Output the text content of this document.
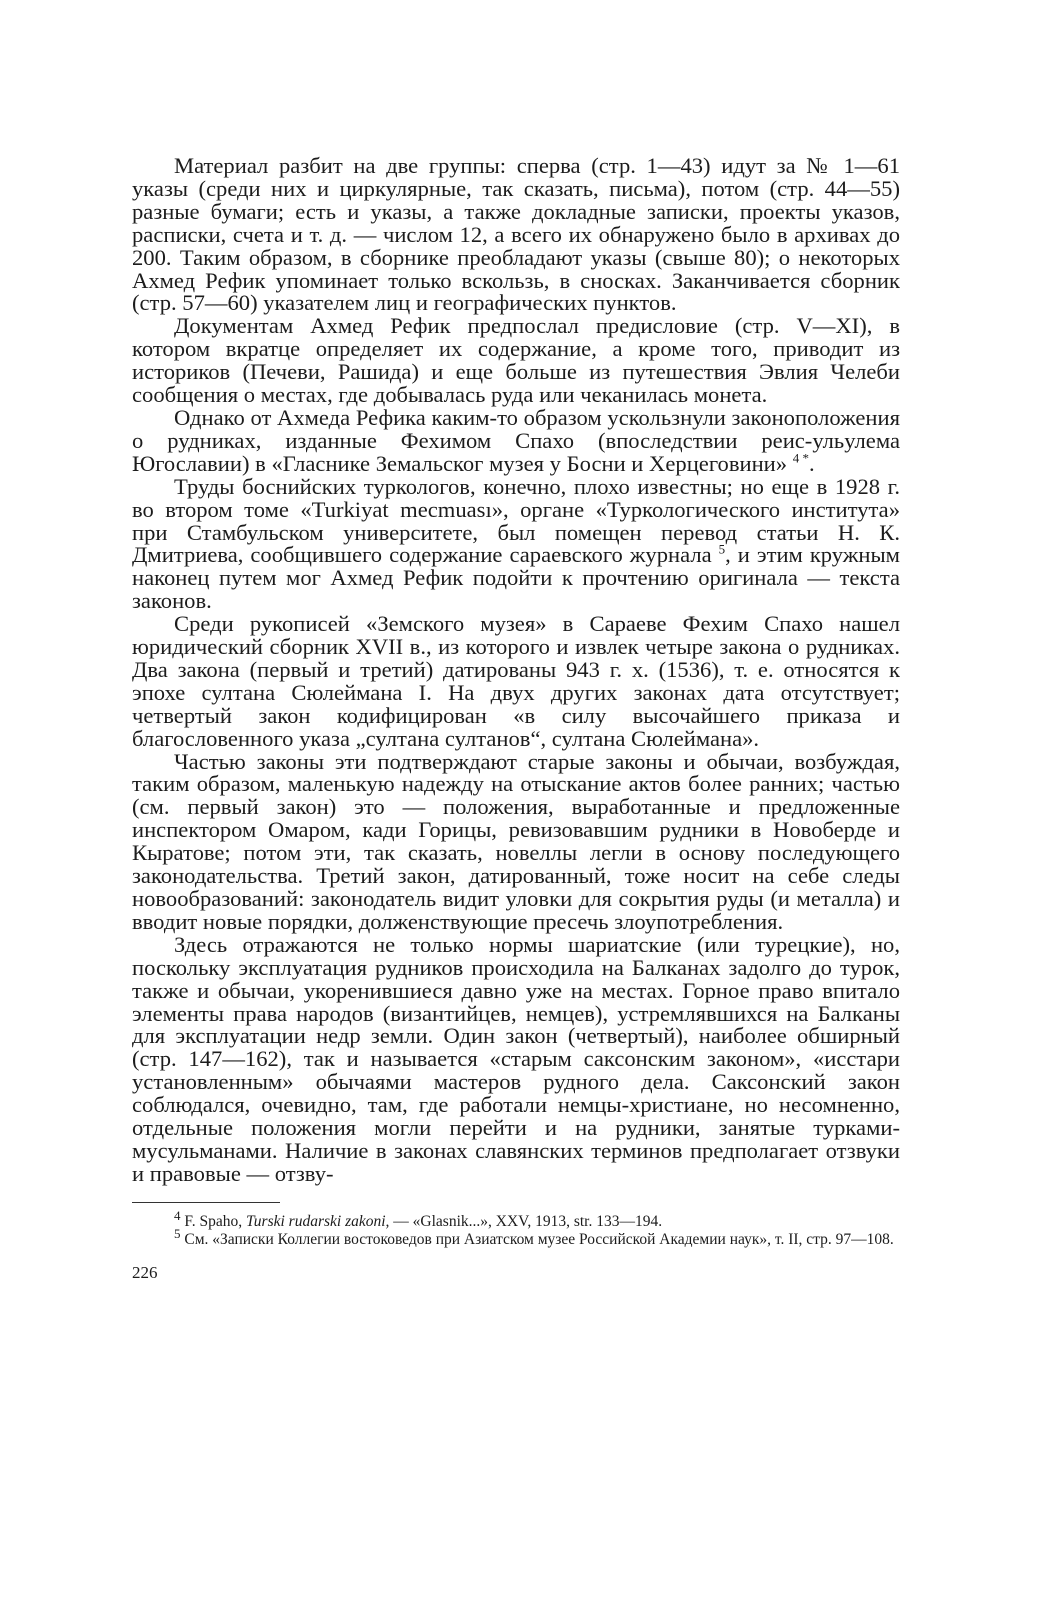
Материал разбит на две группы: сперва (стр. 1—43) идут за № 1—61 указы (среди них и циркулярные, так сказать, письма), потом (стр. 44—55) разные бумаги; есть и указы, а также докладные записки, проекты указов, расписки, счета и т. д. — числом 12, а всего их обнаружено было в архивах до 200. Таким образом, в сборнике преобладают указы (свыше 80); о некоторых Ахмед Рефик упоминает только вскользь, в сносках. Заканчивается сборник (стр. 57—60) указателем лиц и географических пунктов.

Документам Ахмед Рефик предпослал предисловие (стр. V—XI), в котором вкратце определяет их содержание, а кроме того, приводит из историков (Печеви, Рашида) и еще больше из путешествия Эвлия Челеби сообщения о местах, где добывалась руда или чеканилась монета.

Однако от Ахмеда Рефика каким-то образом ускользнули законоположения о рудниках, изданные Фехимом Спахо (впоследствии реис-ульулема Югославии) в «Гласнике Земальског музея у Босни и Херцеговини» $^{4 *}$.

Труды боснийских туркологов, конечно, плохо известны; но еще в 1928 г. во втором томе «Turkiyat mecmuası», органе «Туркологического института» при Стамбульском университете, был помещен перевод статьи Н. К. Дмитриева, сообщившего содержание сараевского журнала $^5$, и этим кружным наконец путем мог Ахмед Рефик подойти к прочтению оригинала — текста законов.

Среди рукописей «Земского музея» в Сараеве Фехим Спахо нашел юридический сборник XVII в., из которого и извлек четыре закона о рудниках. Два закона (первый и третий) датированы 943 г. х. (1536), т. е. относятся к эпохе султана Сюлеймана I. На двух других законах дата отсутствует; четвертый закон кодифицирован «в силу высочайшего приказа и благословенного указа „султана султанов“, султана Сюлеймана».

Частью законы эти подтверждают старые законы и обычаи, возбуждая, таким образом, маленькую надежду на отыскание актов более ранних; частью (см. первый закон) это — положения, выработанные и предложенные инспектором Омаром, кади Горицы, ревизовавшим рудники в Новоберде и Кыратове; потом эти, так сказать, новеллы легли в основу последующего законодательства. Третий закон, датированный, тоже носит на себе следы новообразований: законодатель видит уловки для сокрытия руды (и металла) и вводит новые порядки, долженствующие пресечь злоупотребления.

Здесь отражаются не только нормы шариатские (или турецкие), но, поскольку эксплуатация рудников происходила на Балканах задолго до турок, также и обычаи, укоренившиеся давно уже на местах. Горное право впитало элементы права народов (византийцев, немцев), устремлявшихся на Балканы для эксплуатации недр земли. Один закон (четвертый), наиболее обширный (стр. 147—162), так и называется «старым саксонским законом», «исстари установленным» обычаями мастеров рудного дела. Саксонский закон соблюдался, очевидно, там, где работали немцы-христиане, но несомненно, отдельные положения могли перейти и на рудники, занятые турками-мусульманами. Наличие в законах славянских терминов предполагает отзвуки и правовые — отзву-

$^4$ F. Spaho, Turski rudarski zakoni, — «Glasnik...», XXV, 1913, str. 133—194.

$^5$ См. «Записки Коллегии востоковедов при Азиатском музее Российской Академии наук», т. II, стр. 97—108.

226
